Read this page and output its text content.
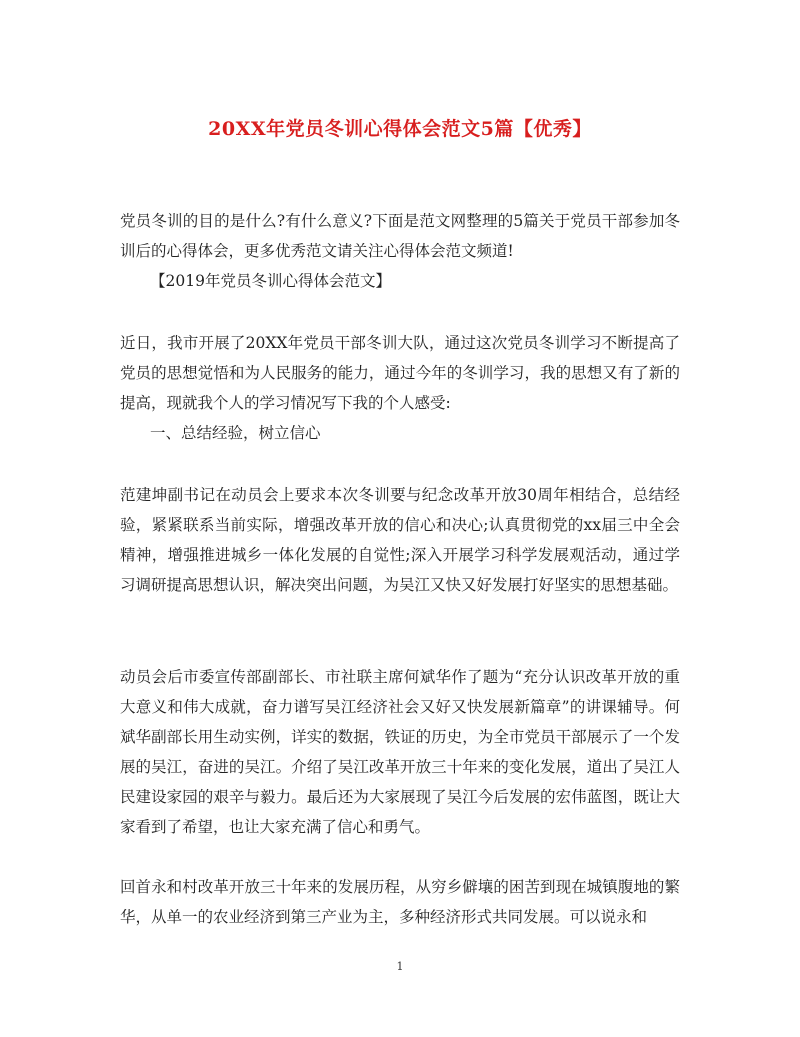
20XX年党员冬训心得体会范文5篇【优秀】

党员冬训的目的是什么?有什么意义?下面是范文网整理的5篇关于党员干部参加冬训后的心得体会，更多优秀范文请关注心得体会范文频道!

【2019年党员冬训心得体会范文】

近日，我市开展了20XX年党员干部冬训大队，通过这次党员冬训学习不断提高了党员的思想觉悟和为人民服务的能力，通过今年的冬训学习，我的思想又有了新的提高，现就我个人的学习情况写下我的个人感受:

一、总结经验，树立信心

范建坤副书记在动员会上要求本次冬训要与纪念改革开放30周年相结合，总结经验，紧紧联系当前实际，增强改革开放的信心和决心;认真贯彻党的xx届三中全会精神，增强推进城乡一体化发展的自觉性;深入开展学习科学发展观活动，通过学习调研提高思想认识，解决突出问题，为吴江又快又好发展打好坚实的思想基础。

动员会后市委宣传部副部长、市社联主席何斌华作了题为“充分认识改革开放的重大意义和伟大成就，奋力谱写吴江经济社会又好又快发展新篇章”的讲课辅导。何斌华副部长用生动实例，详实的数据，铁证的历史，为全市党员干部展示了一个发展的吴江，奋进的吴江。介绍了吴江改革开放三十年来的变化发展，道出了吴江人民建设家园的艰辛与毅力。最后还为大家展现了吴江今后发展的宏伟蓝图，既让大家看到了希望，也让大家充满了信心和勇气。

回首永和村改革开放三十年来的发展历程，从穷乡僻壤的困苦到现在城镇腹地的繁华，从单一的农业经济到第三产业为主，多种经济形式共同发展。可以说永和

1
